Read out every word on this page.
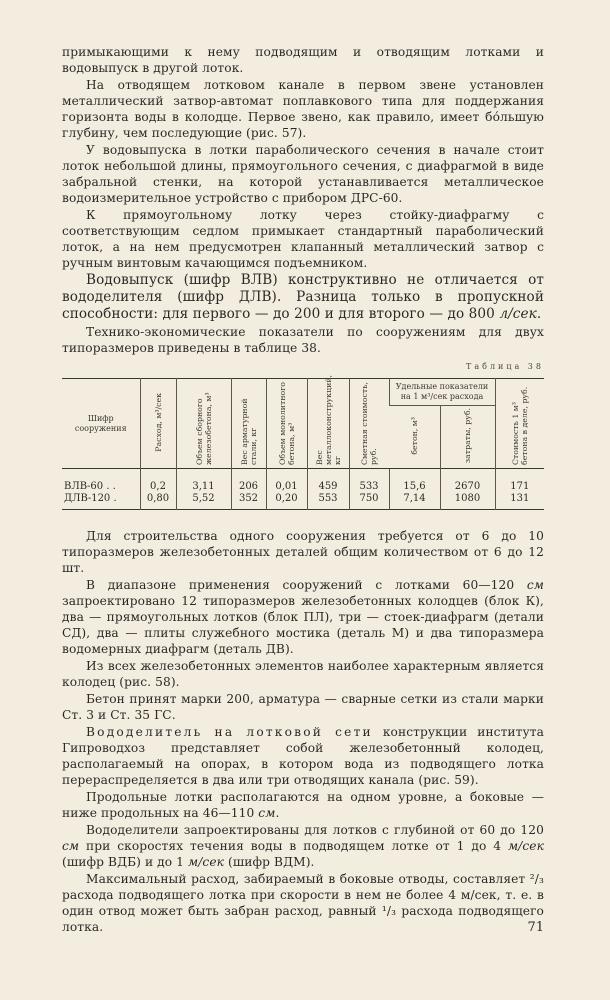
примыкающими к нему подводящим и отводящим лотками и водовыпуск в другой лоток.

На отводящем лотковом канале в первом звене установлен металлический затвор-автомат поплавкового типа для поддержания горизонта воды в колодце. Первое звено, как правило, имеет бо́льшую глубину, чем последующие (рис. 57).

У водовыпуска в лотки параболического сечения в начале стоит лоток небольшой длины, прямоугольного сечения, с диафрагмой в виде забральной стенки, на которой устанавливается металлическое водоизмерительное устройство с прибором ДРС-60.

К прямоугольному лотку через стойку-диафрагму с соответствующим седлом примыкает стандартный параболический лоток, а на нем предусмотрен клапанный металлический затвор с ручным винтовым качающимся подъемником.

Водовыпуск (шифр ВЛВ) конструктивно не отличается от вододелителя (шифр ДЛВ). Разница только в пропускной способности: для первого — до 200 и для второго — до 800 л/сек.

Технико-экономические показатели по сооружениям для двух типоразмеров приведены в таблице 38.

Таблица 38
Шифр сооружения	Расход, м³/сек	Объем сборного железобетона, м³	Вес арматурной стали, кг	Объем монолитного бетона, м³	Вес металлоконструкций, кг	Сметная стоимость, руб.	Удельные показатели на 1 м³/сек расхода		Стоимость 1 м³ бетона в деле, руб.
							бетон, м³	затраты, руб.	
ВЛВ-60 . .	0,2	3,11	206	0,01	459	533	15,6	2670	171
ДЛВ-120 .	0,80	5,52	352	0,20	553	750	7,14	1080	131

Для строительства одного сооружения требуется от 6 до 10 типоразмеров железобетонных деталей общим количеством от 6 до 12 шт.

В диапазоне применения сооружений с лотками 60—120 см запроектировано 12 типоразмеров железобетонных колодцев (блок К), два — прямоугольных лотков (блок ПЛ), три — стоек-диафрагм (детали СД), два — плиты служебного мостика (деталь М) и два типоразмера водомерных диафрагм (деталь ДВ).

Из всех железобетонных элементов наиболее характерным является колодец (рис. 58).

Бетон принят марки 200, арматура — сварные сетки из стали марки Ст. 3 и Ст. 35 ГС.

Вододелитель на лотковой сети конструкции института Гипроводхоз представляет собой железобетонный колодец, располагаемый на опорах, в котором вода из подводящего лотка перераспределяется в два или три отводящих канала (рис. 59).

Продольные лотки располагаются на одном уровне, а боковые — ниже продольных на 46—110 см.

Вододелители запроектированы для лотков с глубиной от 60 до 120 см при скоростях течения воды в подводящем лотке от 1 до 4 м/сек (шифр ВДБ) и до 1 м/сек (шифр ВДМ).

Максимальный расход, забираемый в боковые отводы, составляет ²/₃ расхода подводящего лотка при скорости в нем не более 4 м/сек, т. е. в один отвод может быть забран расход, равный ¹/₃ расхода подводящего лотка.	71
